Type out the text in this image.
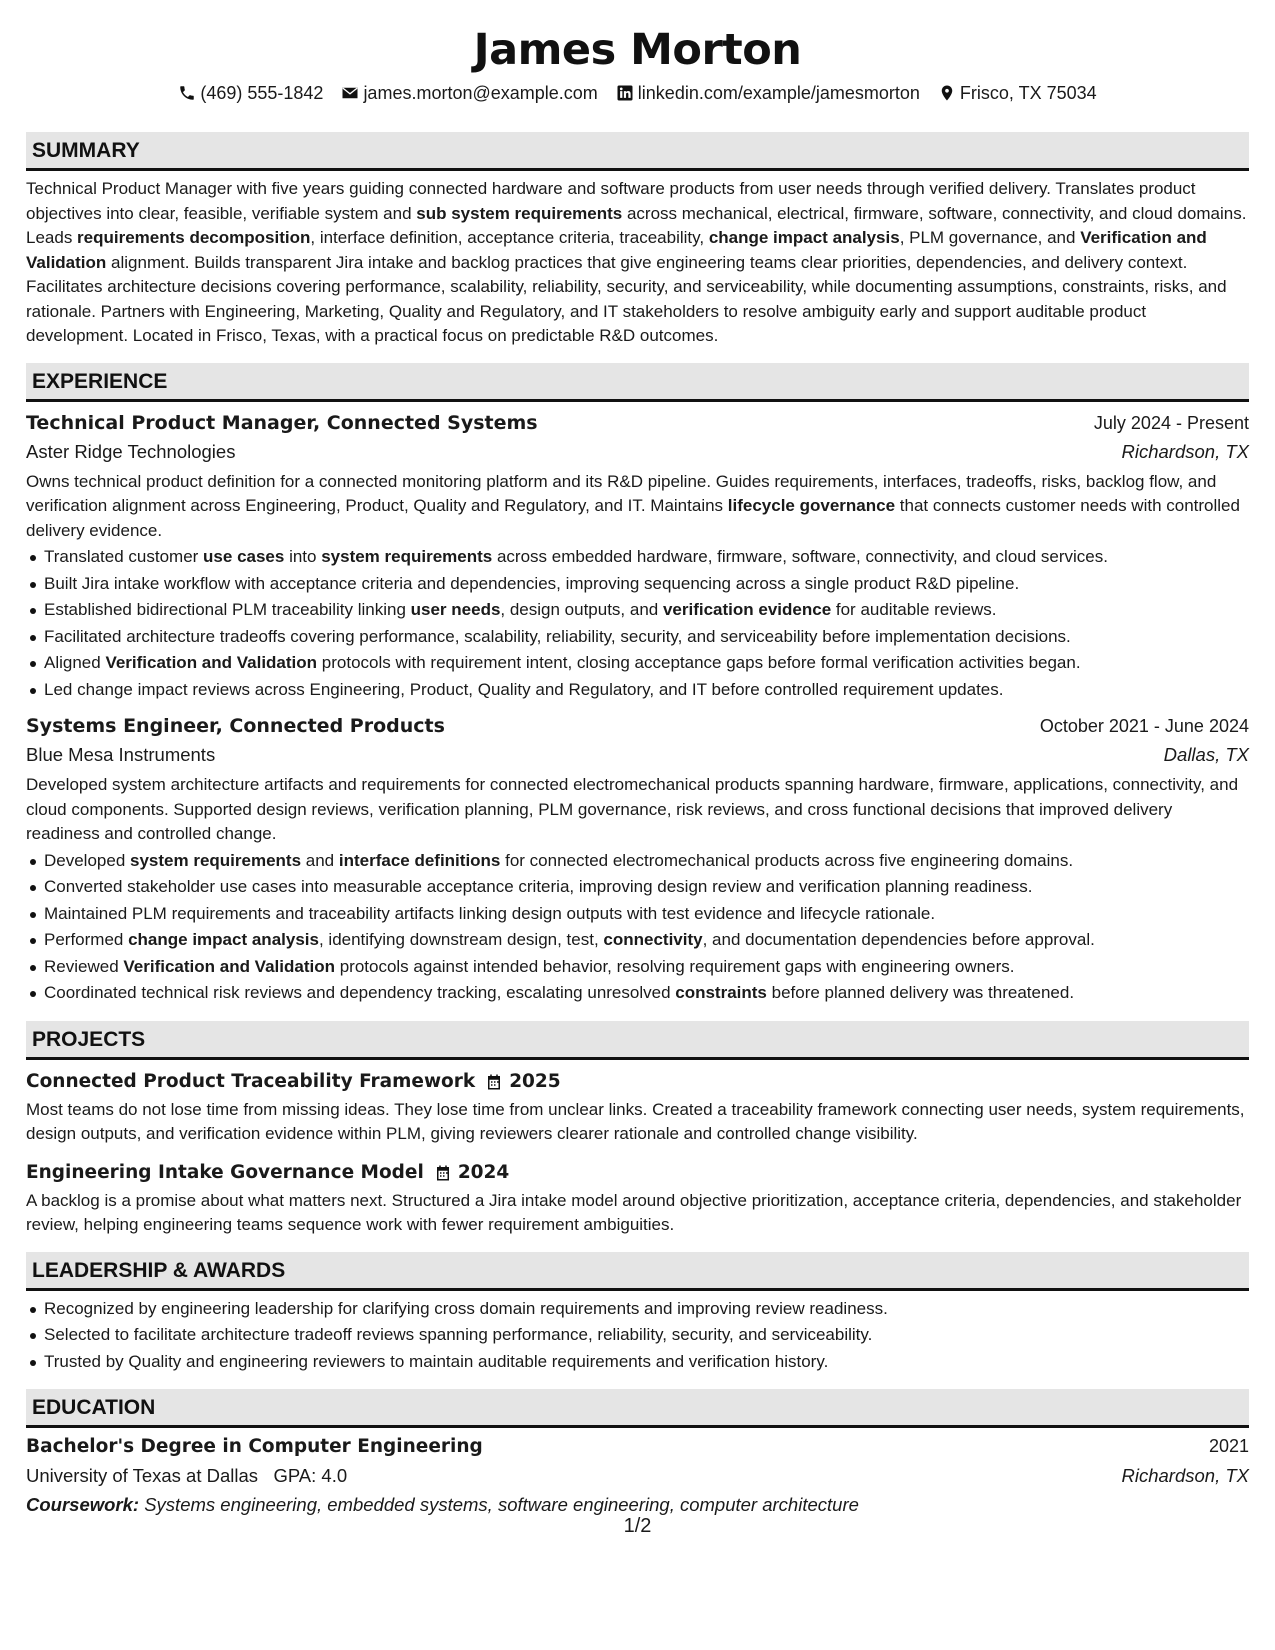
James Morton
(469) 555-1842 james.morton@example.com linkedin.com/example/jamesmorton Frisco, TX 75034
SUMMARY
Technical Product Manager with five years guiding connected hardware and software products from user needs through verified delivery. Translates product objectives into clear, feasible, verifiable system and sub system requirements across mechanical, electrical, firmware, software, connectivity, and cloud domains. Leads requirements decomposition, interface definition, acceptance criteria, traceability, change impact analysis, PLM governance, and Verification and Validation alignment. Builds transparent Jira intake and backlog practices that give engineering teams clear priorities, dependencies, and delivery context. Facilitates architecture decisions covering performance, scalability, reliability, security, and serviceability, while documenting assumptions, constraints, risks, and rationale. Partners with Engineering, Marketing, Quality and Regulatory, and IT stakeholders to resolve ambiguity early and support auditable product development. Located in Frisco, Texas, with a practical focus on predictable R&D outcomes.
EXPERIENCE
Technical Product Manager, Connected Systems	July 2024 - Present
Aster Ridge Technologies	Richardson, TX
Owns technical product definition for a connected monitoring platform and its R&D pipeline. Guides requirements, interfaces, tradeoffs, risks, backlog flow, and verification alignment across Engineering, Product, Quality and Regulatory, and IT. Maintains lifecycle governance that connects customer needs with controlled delivery evidence.
Translated customer use cases into system requirements across embedded hardware, firmware, software, connectivity, and cloud services.
Built Jira intake workflow with acceptance criteria and dependencies, improving sequencing across a single product R&D pipeline.
Established bidirectional PLM traceability linking user needs, design outputs, and verification evidence for auditable reviews.
Facilitated architecture tradeoffs covering performance, scalability, reliability, security, and serviceability before implementation decisions.
Aligned Verification and Validation protocols with requirement intent, closing acceptance gaps before formal verification activities began.
Led change impact reviews across Engineering, Product, Quality and Regulatory, and IT before controlled requirement updates.
Systems Engineer, Connected Products	October 2021 - June 2024
Blue Mesa Instruments	Dallas, TX
Developed system architecture artifacts and requirements for connected electromechanical products spanning hardware, firmware, applications, connectivity, and cloud components. Supported design reviews, verification planning, PLM governance, risk reviews, and cross functional decisions that improved delivery readiness and controlled change.
Developed system requirements and interface definitions for connected electromechanical products across five engineering domains.
Converted stakeholder use cases into measurable acceptance criteria, improving design review and verification planning readiness.
Maintained PLM requirements and traceability artifacts linking design outputs with test evidence and lifecycle rationale.
Performed change impact analysis, identifying downstream design, test, connectivity, and documentation dependencies before approval.
Reviewed Verification and Validation protocols against intended behavior, resolving requirement gaps with engineering owners.
Coordinated technical risk reviews and dependency tracking, escalating unresolved constraints before planned delivery was threatened.
PROJECTS
Connected Product Traceability Framework 2025
Most teams do not lose time from missing ideas. They lose time from unclear links. Created a traceability framework connecting user needs, system requirements, design outputs, and verification evidence within PLM, giving reviewers clearer rationale and controlled change visibility.
Engineering Intake Governance Model 2024
A backlog is a promise about what matters next. Structured a Jira intake model around objective prioritization, acceptance criteria, dependencies, and stakeholder review, helping engineering teams sequence work with fewer requirement ambiguities.
LEADERSHIP & AWARDS
Recognized by engineering leadership for clarifying cross domain requirements and improving review readiness.
Selected to facilitate architecture tradeoff reviews spanning performance, reliability, security, and serviceability.
Trusted by Quality and engineering reviewers to maintain auditable requirements and verification history.
EDUCATION
Bachelor's Degree in Computer Engineering	2021
University of Texas at Dallas GPA: 4.0	Richardson, TX
Coursework: Systems engineering, embedded systems, software engineering, computer architecture
1/2
